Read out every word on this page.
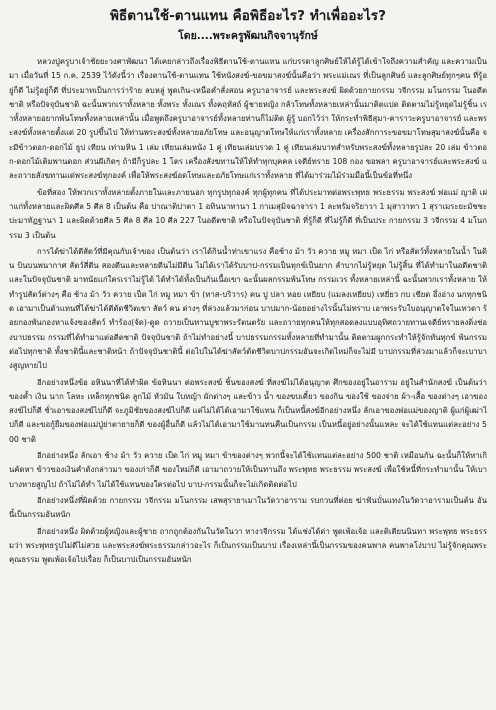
พิธีตานใช้-ตานแทน คือพิธีอะไร? ทำเพื่ออะไร?
โดย....พระครูพัฒนกิจจานุรักษ์

หลวงปู่ครูบาเจ้าชัยยะวงศาพัฒนา ได้เคยกล่าวถึงเรื่องพิธีตานใช้-ตานแทน แก่บรรดาลูกศิษย์ให้ได้รู้ได้เข้าใจถึงความสำคัญ และความเป็นมา เมื่อวันที่ 15 ก.ค. 2539 ไว้ดังนี้ว่า เรื่องตานใช้-ตานแทน ใช้หนังสงฆ์-ขอขมาสงฆ์นั้นคือว่า พระแม่เณร ที่เป็นลูกศิษย์ และลูกศิษย์ทุกๆคน ที่รู้อยู่ก็ดี ไม่รู้อยู่ก็ดี ที่ประมาทเป็นการว่าร้าย ลบหลู่ พูดเกิน-เหนือคำสั่งสอน ครูบาอาจารย์ และพระสงฆ์ ผิดด้วยกายกรรม วจีกรรม มโนกรรม ในอดีตชาติ หรือปัจจุบันชาติ ฉะนั้นพวกเราทั้งหลาย ทั้งพระ ทั้งเณร ทั้งคฤหัสถ์ ผู้ชายหญิง กลัวโทษทั้งหลายเหล่านั้นมาติดแปด ติดตามไม่รู้หยุดไม่รู้ชิ้น เราทั้งหลายอยากพ้นโทษทั้งหลายเหล่านั้น เมื่อพูดถึงครูบาอาจารย์ทั้งหลายท่านก็ไม่ติด ผู้รู้ บอกไว้ว่า ให้กระทำพิธีสุมา-คาราวะครูบาอาจารย์ และพระสงฆ์ทั้งหลายตั้งแต่ 20 รูปขึ้นไป ให้ท่านพระสงฆ์ทั้งหลายอภัยโทษ และอนุญาตโทษให้แก่เราทั้งหลาย เครื่องสักการะขอขมาโทษสุมาสงฆ์นั้นคือ จะมีข้าวตอก-ดอกไม้ ธูป เทียน เท่ามหิน 1 เล่ม เทียนเล่มหนัง 1 คู่ เทียนเล่มบรวด 1 คู่ เทียนเล่มบาทสำหรับพระสงฆ์ทั้งหลายรูปละ 20 เล่ม ข้าวตอก-ดอกไม้เติมพานดอก ส่วนผีเกิดๆ ถ้ามีก็รูปละ 1 โตร เครื่องสังฆทานให้ให้ทำทุกบุคคล เจดีย์ทราย 108 กอง ขอพลา ครูบาอาจารย์และพระสงฆ์ และถวายสังฆทานแด่พระสงฆ์ทุกองค์ เพื่อให้พระสงฆ์อดโทษและอภัยโทษแก่เราทั้งหลาย ที่ได้มาร่วมไม้ร่วมมือนี้เป็นข้อที่หนึ่ง

ข้อที่สอง ให้พวกเราทั้งหลายตั้งภายในและภายนอก ทุกรูปทุกองค์ ทุกผู้ทุกคน ที่ได้ประมาทต่อพระพุทธ พระธรรม พระสงฆ์ พ่อแม่ ญาติ เผ่าแก่ทั้งหลายและผิดศีล 5 ศีล 8 เป็นต้น คือ ปาณาติปาตา 1 อทินนาทานา 1 กาเมสุมิจฉาจารา 1 ละพรัมจริยาวา 1 มุสาวาทา 1 สุราเมระยะมัชชะปะมาทัฏฐานา 1 และผิดด้วยศีล 5 ศีล 8 ศีล 10 ศีล 227 ในอดีตชาติ หรือในปัจจุบันชาติ ที่รู้ก็ดี ที่ไม่รู้ก็ดี ที่เป็นประ กายกรรม 3 วจีกรรม 4 มโนกรรม 3 เป็นต้น

การได้ฆ่าได้ตีสัตว์ที่มีคุณกับเจ้าของ เป็นต้นว่า เราได้กินน้ำท่าเขาแรง คือช้าง ม้า วัว ควาย หมู หมา เป็ด ไก่ หรือสัตว์ทั้งหลายในน้ำ ในดิน บินบนพนากาศ สัตว์สี่ตีน สองตีนและหลายตีนไม่มีตีน ไม่ได้เราได้รับบาป-กรรมเป็นทุกข์เป็นยาก ลำบากไม่รู้หยุด ไม่รู้สิ้น ที่ได้ทำมาในอดีตชาติ และในปัจจุบันชาติ มาทนัยแก่ใครเราไม่รู้ได้ ได้ทำได้ทั้งเป็นกันเนื้อเขา ฉะนั้นผลกรรมพ้นโทษ กรรมเวร ทั้งหลายเหล่านี้ ฉะนั้นพวกเราทั้งหลาย ให้ทำรูปสัตว์ต่างๆ คือ ช้าง ม้า วัว ควาย เป็ด ไก่ หมู หมา ข้า (ทาส-บริวาร) คน ปู ปลา หอย เหยียบ (แมลงเหยียบ) เหยี่ยว กบ เขียด อึ่งอ่าง นกทุกชนิด เอามาเป็นตัวแทนที่ได้ฆ่าได้ตีตัดชีวิตเขา สัตว์ คน ต่างๆ ที่ล่วงแล้วมาก่อน บาปมาก-น้อยอย่างไรนั้นไม่ทราบ เอาพระรับใบอนุญาตใจในเทวดา ร้อยกองพันกองหาแจ้งของสัตว์ ทำร้อง(จัด)-ดูด ถวายเป็นทานบูชาพระรัตนตรัย และถวายทุกคนให้ทุกสอดลงแบบอุทิศถวายทานเจดีย์ทรายลงดิ่งช่องบาปธรรม กรรมที่ได้ทำมาแต่อดีตชาติ ปัจจุบันชาติ ถ้าไม่ทำอย่างนี้ บาปธรรมกรรมทั้งหลายที่ทำมานั้น ติดตามผูกกระทำให้รู้จักทันทุกข์ พ้นกรรมต่อไปทุกชาติ ทั้งชาตินี้และชาติหน้า ถ้าปัจจุบันชาตินี้ ต่อไปในได้ฆ่าสัตว์ตัดชีวิตบาปกรรมอันจะเกิดไหม่ก็จะไม่มี บาปกรรมที่ล่วงมาแล้วก็จะเบาบางสูญหายไป

อีกอย่างหนึ่งข้อ อหินนาที่ได้ทำผิด ข้อหินนา ต่อพระสงฆ์ ชิ้นของสงฆ์ ที่สงฆ์ไม่ได้อนุญาต ศึกของอยู่ในอาราม อยู่ในสำนักสงฆ์ เป็นต้นว่า ของค้ำ เงิน นาก โลหะ เหล็กทุกชนิด ลูกไม้ หัวมัน ใบหญ้า ผักต่างๆ และข้าว น้ำ ของขบเคี้ยว ของกิน ของใช้ ของจ่าย ผ้า-เสื้อ ของต่างๆ เอาของสงฆ์ไปก็ดี ชั่วเอาของสงฆ์ไปก็ดี จะภูมิชัยของสงฆ์ไปก็ดี แต่ไม่ได้ได้เอามาใช้แทน ก็เป็นหนี้สงฆ์อีกอย่างหนึ่ง ลักเอาของพ่อแม่ของญาติ ผู้แก่ผู้เฒ่าไปก็ดี และขอกู้ยืมของพ่อแม่ปู่ย่าตายายก็ดี ของผู้อื่นก็ดี แล้วไม่ได้เอามาใช้มานทนคืนเป็นกรรม เป็นหนี้อยู่อย่างนั้นแหละ จะได้ใช้แทนแต่ละอย่าง 500 ชาติ

อีกอย่างหนึ่ง ลักเอา ช้าง ม้า วัว ควาย เป็ด ไก่ หมู หมา ข้าของต่างๆ พวกนี้จะได้ใช้แทนแต่ละอย่าง 500 ชาติ เหมือนกัน ฉะนั้นก็ให้หาเกินคัดหา ข้าวของเงินคำดังกล่าวมา ของเก่าก็ดี ของใหม่ก็ดี เอามาถวายให้เป็นทานถึง พระพุทธ พระธรรม พระสงฆ์ เพื่อใช้หนี้ที่กระทำมานั้น ให้เบาบางหายสูญไป ถ้าไม่ได้ทำ ไม่ได้ใช้แทนของใครต่อไป บาป-กรรมนั้นก็จะไม่เกิดติดต่อไป

อีกอย่างหนึ่งที่ผิดด้วย กายกรรม วจีกรรม มโนกรรม เสพสุรายาเมาในวัดวาอาราม รบกวนที่ต่อย ฆ่าฟันบั่นแทงในวัดวาอารามเป็นต้น อันนี้เป็นกรรมอันหนัก

อีกอย่างหนึ่ง ผิดด้วยผู้หญิงและผู้ชาย ถากถูกต้องกันในวัดในวา ทางวจีกรรม ได้แช่งได้ด่า พูดเพ้อเจ้อ และติเตียนนินทา พระพุทธ พระธรรมว่า พระพุทธรูปไม่ดีไม่สวย และพระสงฆ์พระธรรมกล่าวอะไร ก็เป็นกรรมเป็นบาป เรื่องเหล่านี้เป็นกรรมของคนพาล คนพาลโง่บาป ไม่รู้จักคุณพระ คุณธรรม พูดเพ้อเจ้อไปเรื่อย ก็เป็นบาปเป็นกรรมอันหนัก
